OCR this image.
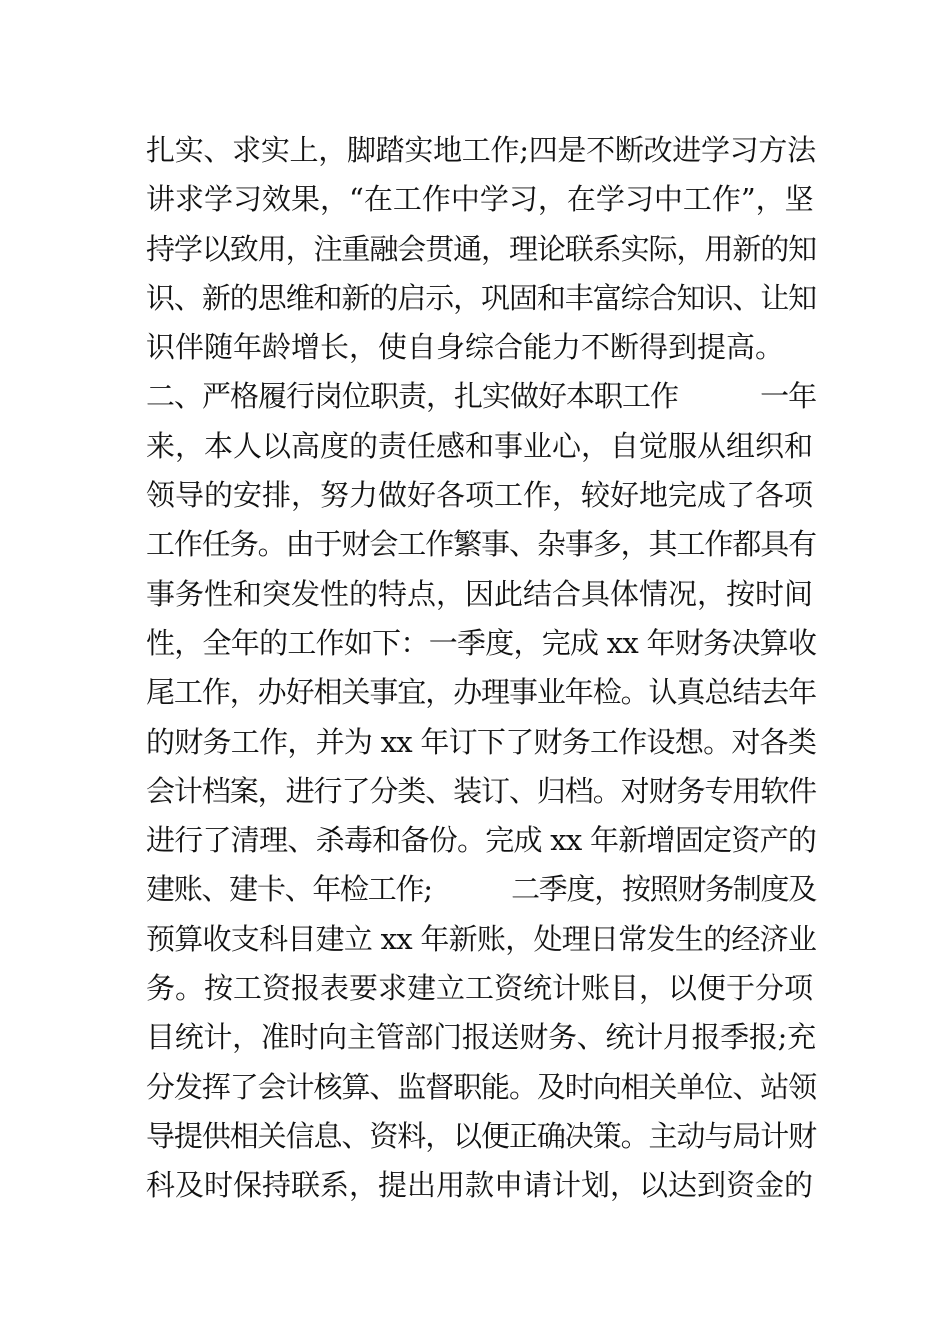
扎实、求实上，脚踏实地工作;四是不断改进学习方法
讲求学习效果，“在工作中学习，在学习中工作”，坚
持学以致用，注重融会贯通，理论联系实际，用新的知
识、新的思维和新的启示，巩固和丰富综合知识、让知
识伴随年龄增长，使自身综合能力不断得到提高。
二、严格履行岗位职责，扎实做好本职工作          一年
来，本人以高度的责任感和事业心，自觉服从组织和
领导的安排，努力做好各项工作，较好地完成了各项
工作任务。由于财会工作繁事、杂事多，其工作都具有
事务性和突发性的特点，因此结合具体情况，按时间
性，全年的工作如下：一季度，完成 xx 年财务决算收
尾工作，办好相关事宜，办理事业年检。认真总结去年
的财务工作，并为 xx 年订下了财务工作设想。对各类
会计档案，进行了分类、装订、归档。对财务专用软件
进行了清理、杀毒和备份。完成 xx 年新增固定资产的
建账、建卡、年检工作;          二季度，按照财务制度及
预算收支科目建立 xx 年新账，处理日常发生的经济业
务。按工资报表要求建立工资统计账目，以便于分项
目统计，准时向主管部门报送财务、统计月报季报;充
分发挥了会计核算、监督职能。及时向相关单位、站领
导提供相关信息、资料，以便正确决策。主动与局计财
科及时保持联系，提出用款申请计划，以达到资金的
